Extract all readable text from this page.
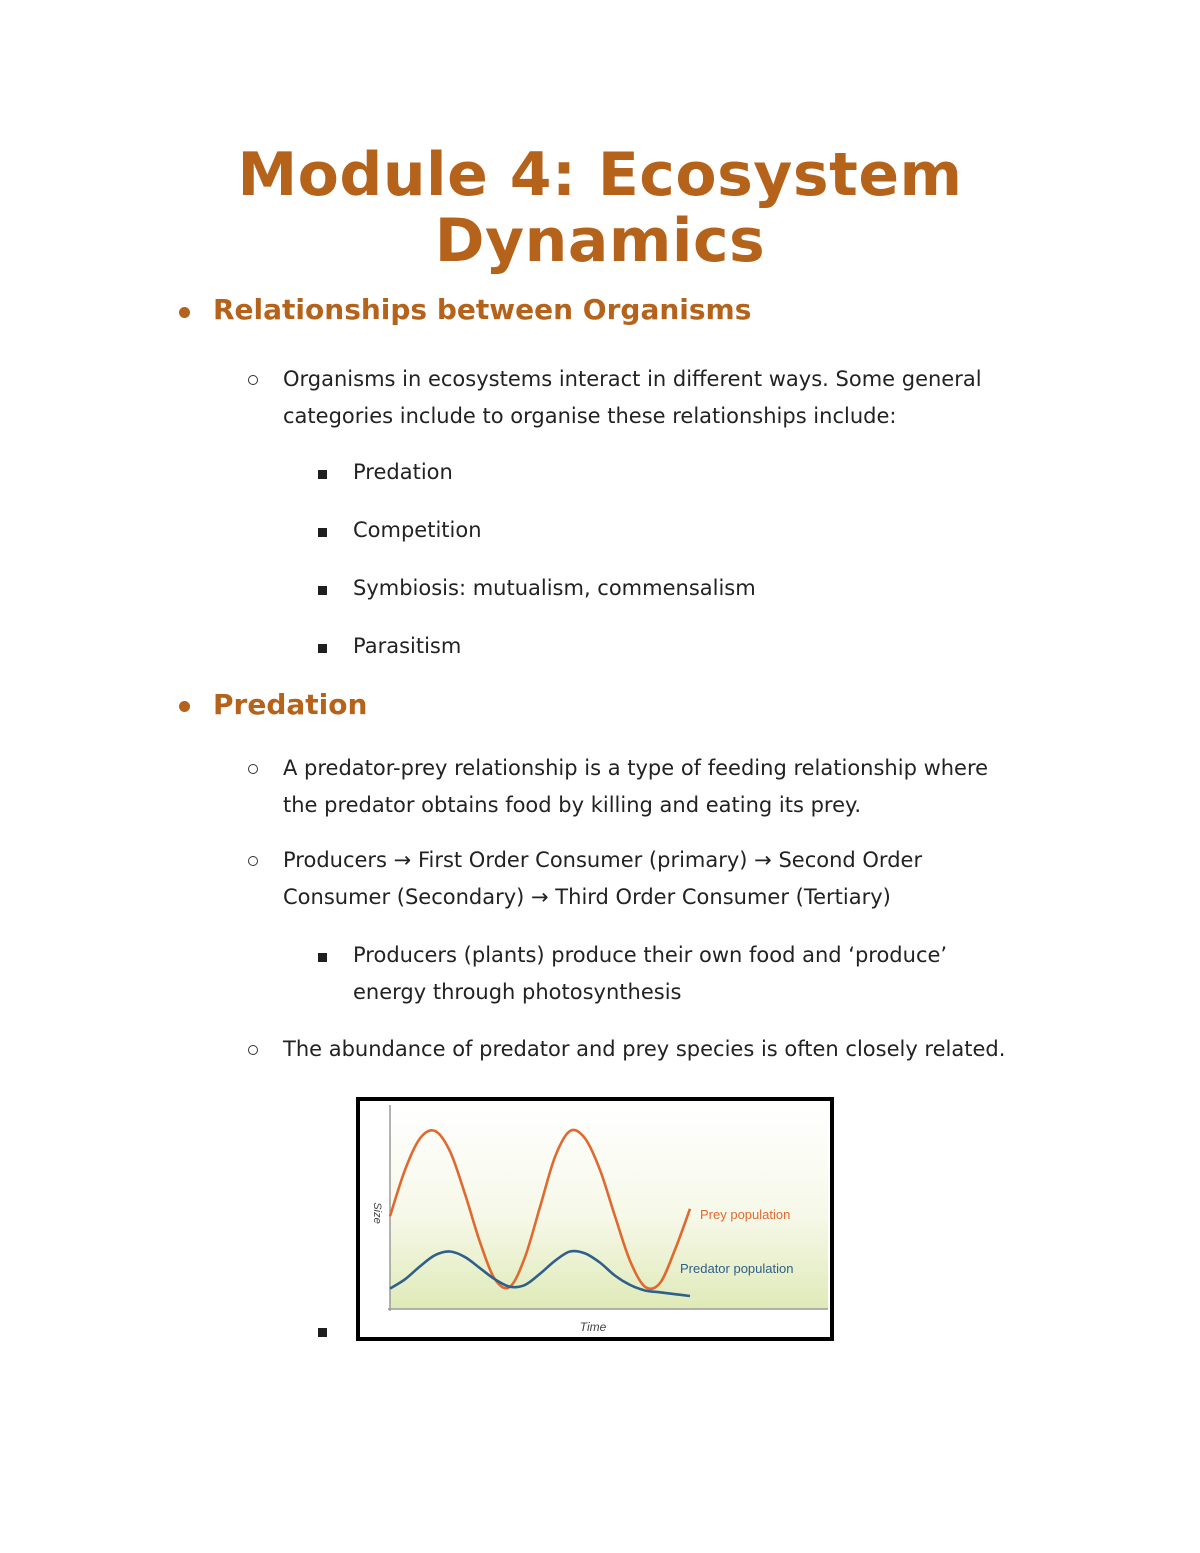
Module 4: Ecosystem
Dynamics
Relationships between Organisms
Organisms in ecosystems interact in different ways. Some general
categories include to organise these relationships include:
Predation
Competition
Symbiosis: mutualism, commensalism
Parasitism
Predation
A predator-prey relationship is a type of feeding relationship where
the predator obtains food by killing and eating its prey.
Producers → First Order Consumer (primary) → Second Order
Consumer (Secondary) → Third Order Consumer (Tertiary)
Producers (plants) produce their own food and ‘produce’
energy through photosynthesis
The abundance of predator and prey species is often closely related.
Prey population
Predator population
Size
Time
